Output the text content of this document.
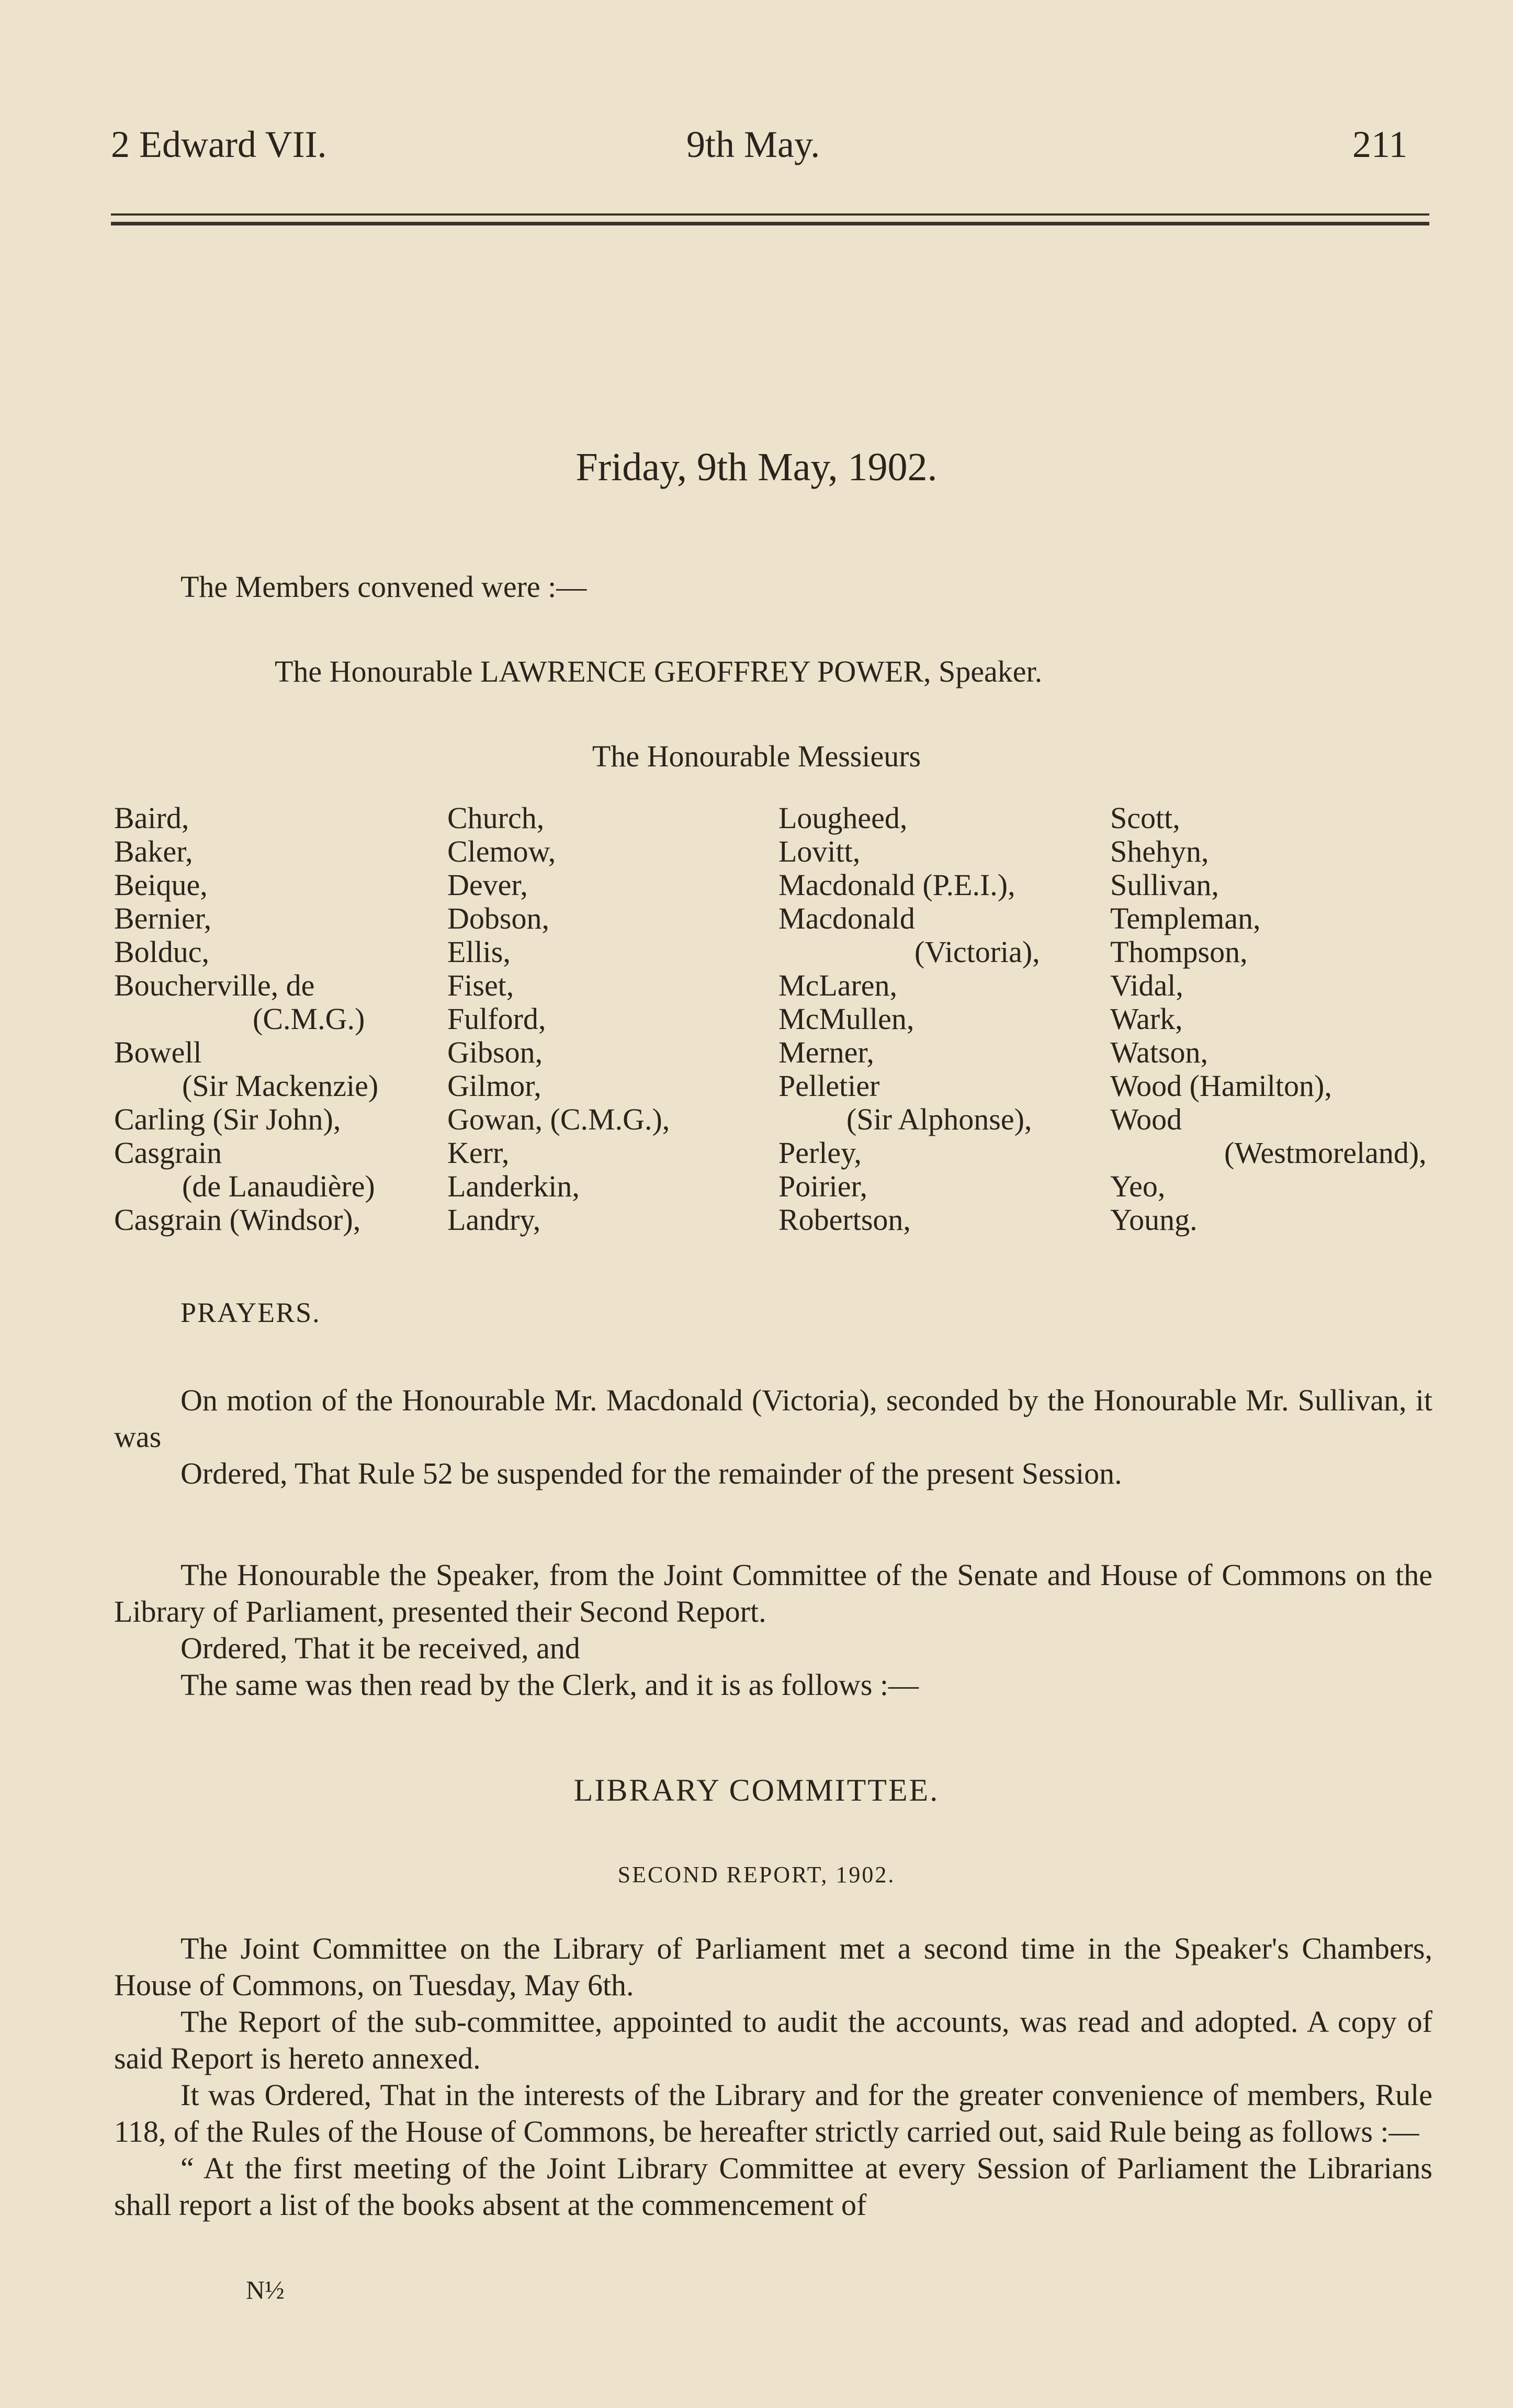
2 Edward VII.	9th May.	211
Friday, 9th May, 1902.
The Members convened were :—
The Honourable LAWRENCE GEOFFREY POWER, Speaker.
The Honourable Messieurs
Baird,
Baker,
Beique,
Bernier,
Bolduc,
Boucherville, de
(C.M.G.)
Bowell
(Sir Mackenzie)
Carling (Sir John),
Casgrain
(de Lanaudière)
Casgrain (Windsor),
Church,
Clemow,
Dever,
Dobson,
Ellis,
Fiset,
Fulford,
Gibson,
Gilmor,
Gowan, (C.M.G.),
Kerr,
Landerkin,
Landry,
Lougheed,
Lovitt,
Macdonald (P.E.I.),
Macdonald
(Victoria),
McLaren,
McMullen,
Merner,
Pelletier
(Sir Alphonse),
Perley,
Poirier,
Robertson,
Scott,
Shehyn,
Sullivan,
Templeman,
Thompson,
Vidal,
Wark,
Watson,
Wood (Hamilton),
Wood
(Westmoreland),
Yeo,
Young.
PRAYERS.

On motion of the Honourable Mr. Macdonald (Victoria), seconded by the Honourable Mr. Sullivan, it was

Ordered, That Rule 52 be suspended for the remainder of the present Session.

The Honourable the Speaker, from the Joint Committee of the Senate and House of Commons on the Library of Parliament, presented their Second Report.

Ordered, That it be received, and

The same was then read by the Clerk, and it is as follows :—

LIBRARY COMMITTEE.
SECOND REPORT, 1902.

The Joint Committee on the Library of Parliament met a second time in the Speaker's Chambers, House of Commons, on Tuesday, May 6th.

The Report of the sub-committee, appointed to audit the accounts, was read and adopted. A copy of said Report is hereto annexed.

It was Ordered, That in the interests of the Library and for the greater convenience of members, Rule 118, of the Rules of the House of Commons, be hereafter strictly carried out, said Rule being as follows :—

“ At the first meeting of the Joint Library Committee at every Session of Parliament the Librarians shall report a list of the books absent at the commencement of

N½
